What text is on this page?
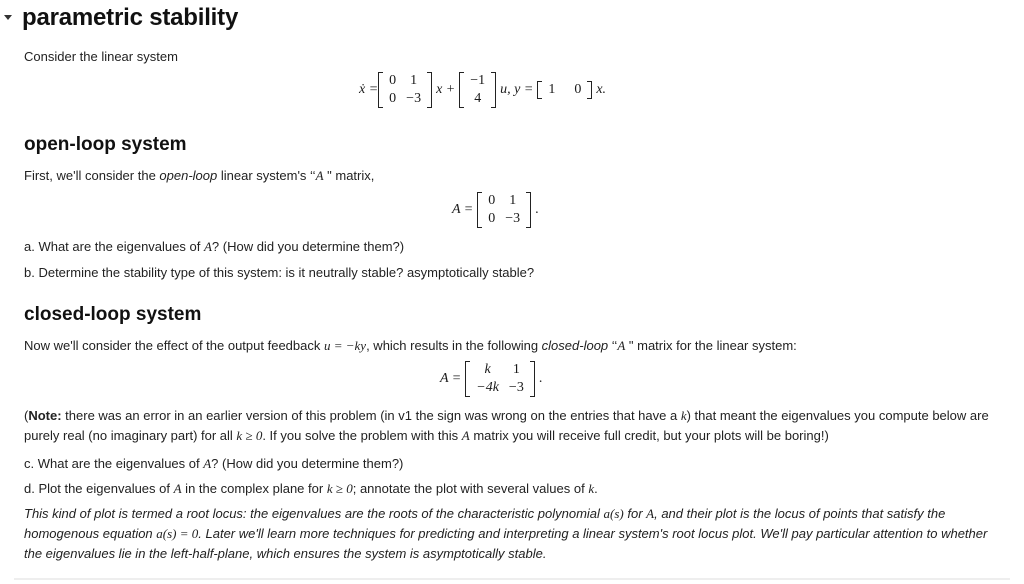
parametric stability
Consider the linear system
ẋ =
0	1
0	−3
x +
−1
4
u, y = 1	0 x.
open-loop system
First, we'll consider the open-loop linear system's ‘‘A " matrix,
A =
0	1
0	−3
.
a. What are the eigenvalues of A? (How did you determine them?)
b. Determine the stability type of this system: is it neutrally stable? asymptotically stable?
closed-loop system
Now we'll consider the effect of the output feedback u = −ky, which results in the following closed-loop ‘‘A " matrix for the linear system:
A =
k	1
−4k	−3
.
(Note: there was an error in an earlier version of this problem (in v1 the sign was wrong on the entries that have a k) that meant the eigenvalues you compute below are purely real (no imaginary part) for all k ≥ 0. If you solve the problem with this A matrix you will receive full credit, but your plots will be boring!)
c. What are the eigenvalues of A? (How did you determine them?)
d. Plot the eigenvalues of A in the complex plane for k ≥ 0; annotate the plot with several values of k.
This kind of plot is termed a root locus: the eigenvalues are the roots of the characteristic polynomial a(s) for A, and their plot is the locus of points that satisfy the homogenous equation a(s) = 0. Later we'll learn more techniques for predicting and interpreting a linear system's root locus plot. We'll pay particular attention to whether the eigenvalues lie in the left-half-plane, which ensures the system is asymptotically stable.
